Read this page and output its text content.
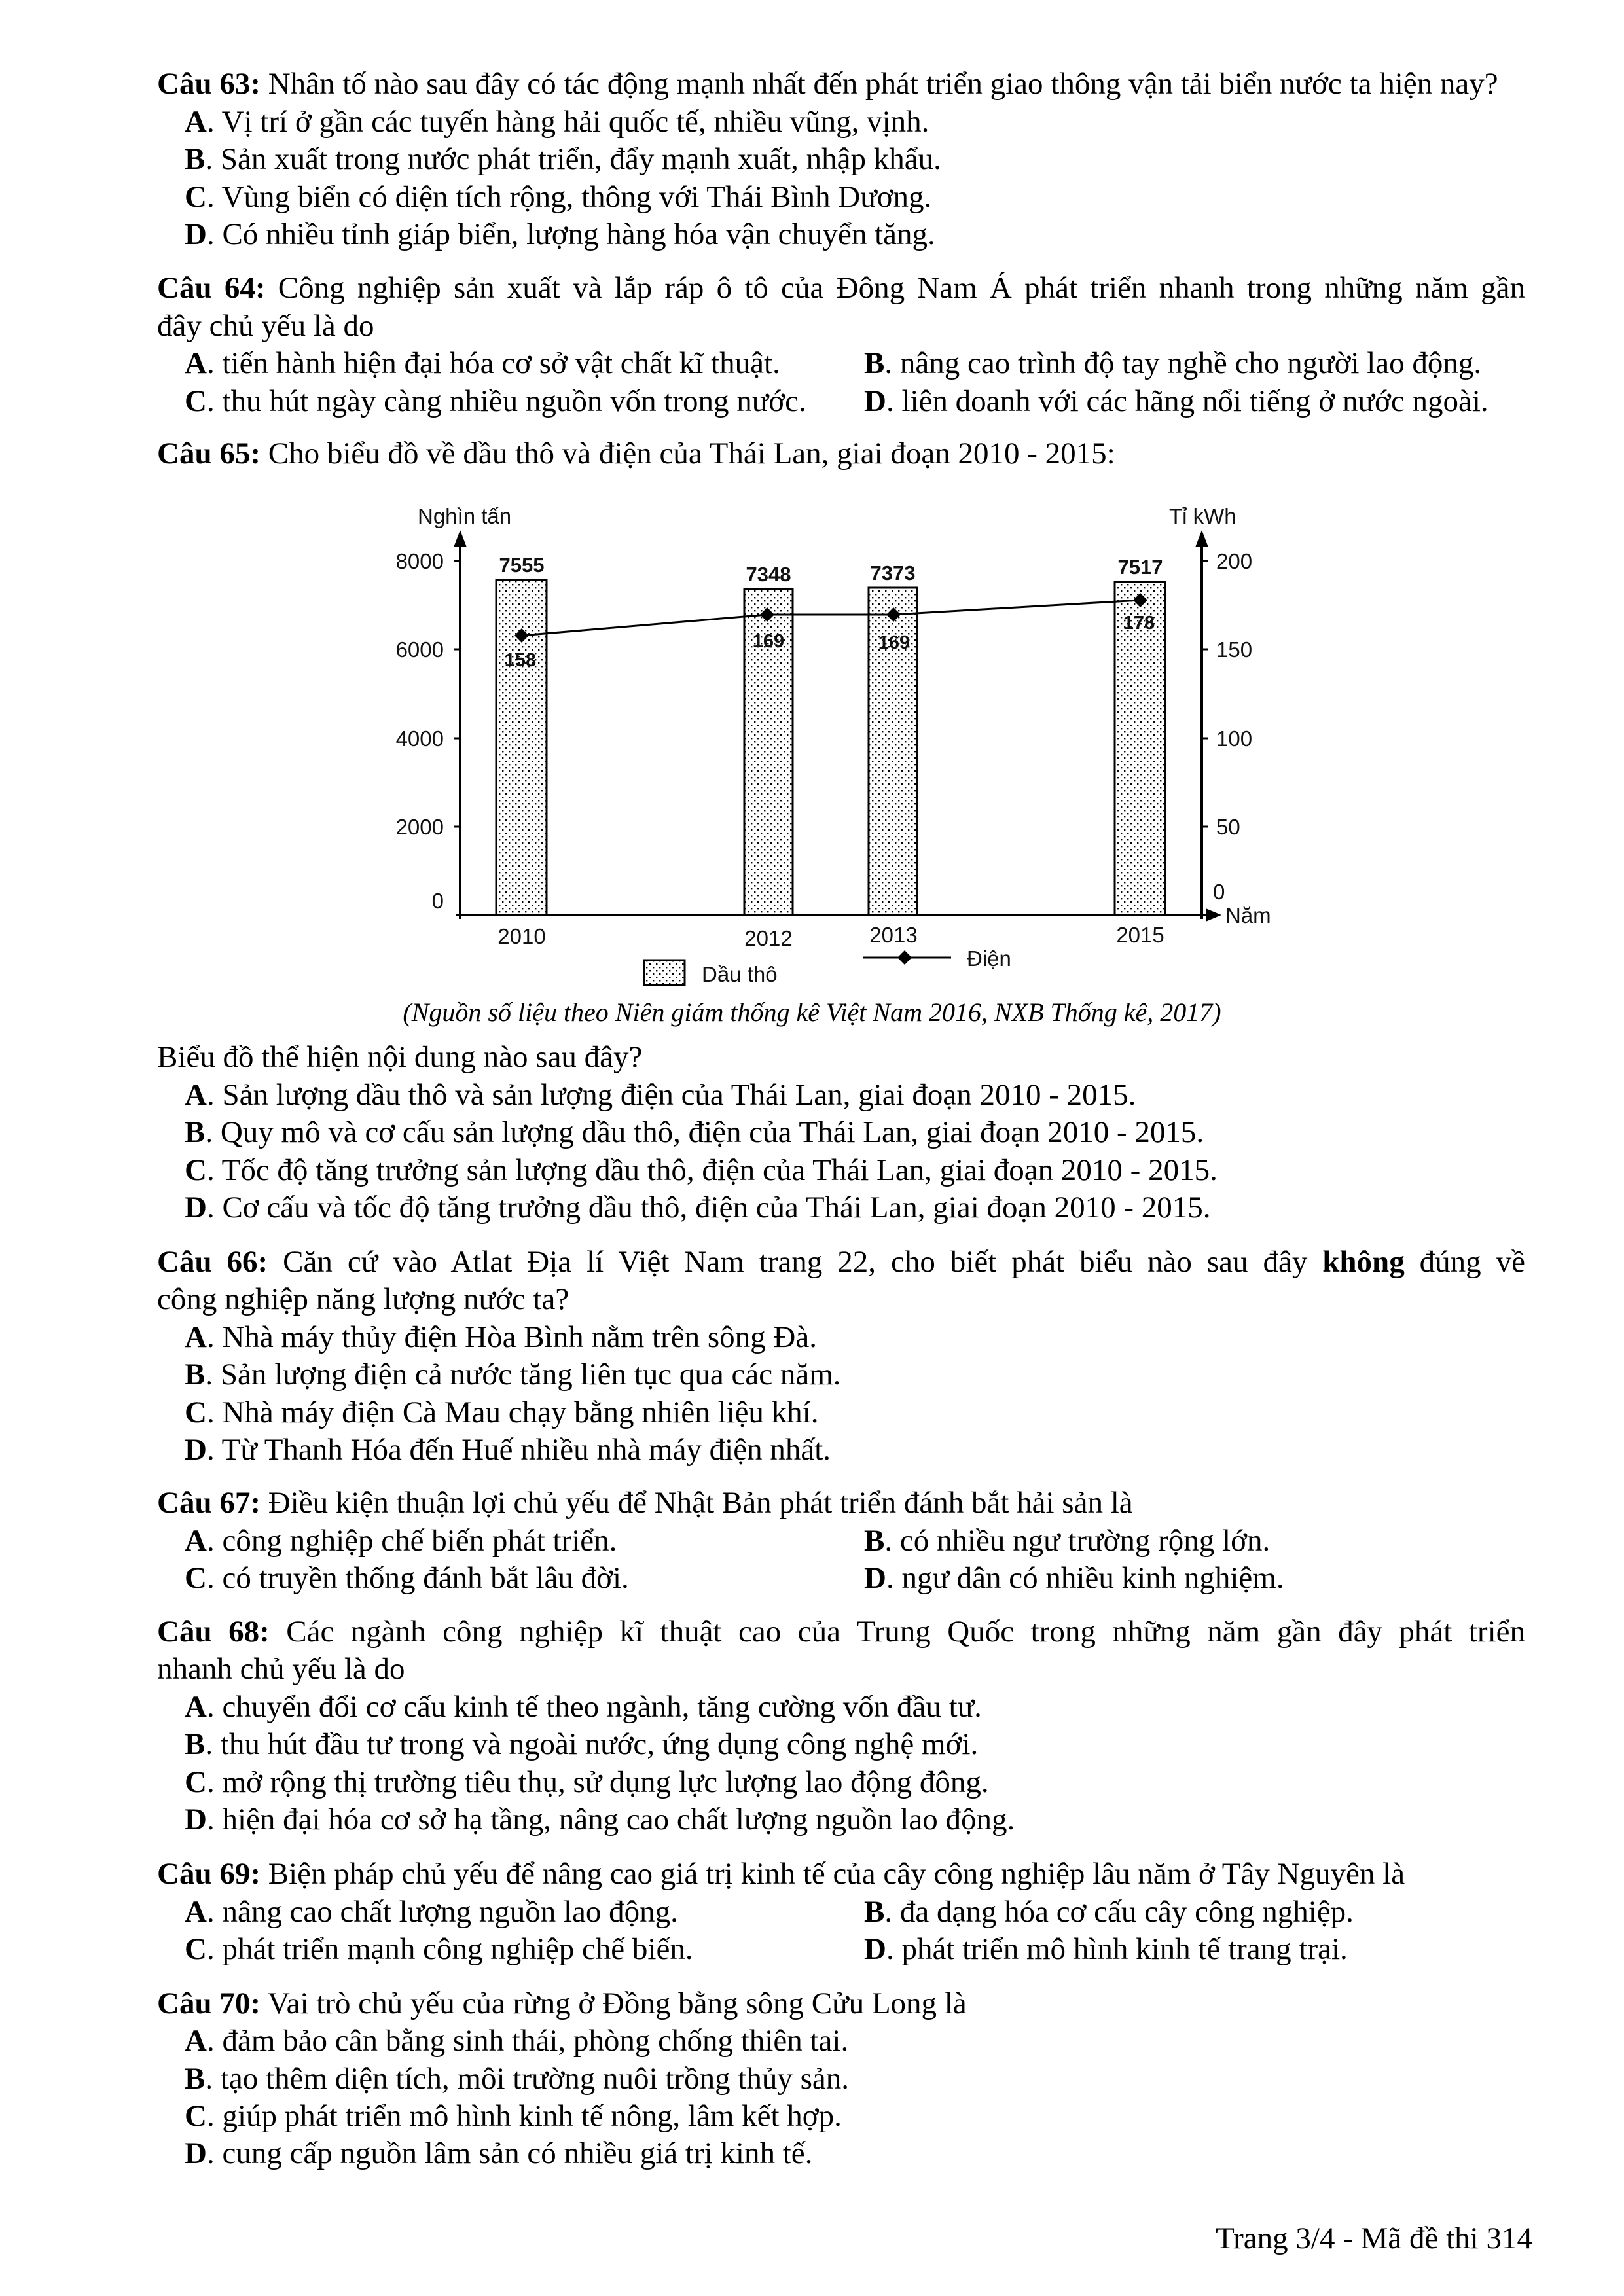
Câu 63: Nhân tố nào sau đây có tác động mạnh nhất đến phát triển giao thông vận tải biển nước ta hiện nay?
A. Vị trí ở gần các tuyến hàng hải quốc tế, nhiều vũng, vịnh.
B. Sản xuất trong nước phát triển, đẩy mạnh xuất, nhập khẩu.
C. Vùng biển có diện tích rộng, thông với Thái Bình Dương.
D. Có nhiều tỉnh giáp biển, lượng hàng hóa vận chuyển tăng.
Câu 64: Công nghiệp sản xuất và lắp ráp ô tô của Đông Nam Á phát triển nhanh trong những năm gần
đây chủ yếu là do
A. tiến hành hiện đại hóa cơ sở vật chất kĩ thuật.	B. nâng cao trình độ tay nghề cho người lao động.
C. thu hút ngày càng nhiều nguồn vốn trong nước. D. liên doanh với các hãng nổi tiếng ở nước ngoài.
Câu 65: Cho biểu đồ về dầu thô và điện của Thái Lan, giai đoạn 2010 - 2015:
Nghìn tấn	Tỉ kWh
Năm
8000
6000
4000
2000
0
200
150
100
50
0
7555	7348	7373	7517
158
169	169
178
2010	2012	2013	2015
Dầu thô
Điện
(Nguồn số liệu theo Niên giám thống kê Việt Nam 2016, NXB Thống kê, 2017)
Biểu đồ thể hiện nội dung nào sau đây?
A. Sản lượng dầu thô và sản lượng điện của Thái Lan, giai đoạn 2010 - 2015.
B. Quy mô và cơ cấu sản lượng dầu thô, điện của Thái Lan, giai đoạn 2010 - 2015.
C. Tốc độ tăng trưởng sản lượng dầu thô, điện của Thái Lan, giai đoạn 2010 - 2015.
D. Cơ cấu và tốc độ tăng trưởng dầu thô, điện của Thái Lan, giai đoạn 2010 - 2015.
Câu 66: Căn cứ vào Atlat Địa lí Việt Nam trang 22, cho biết phát biểu nào sau đây không đúng về
công nghiệp năng lượng nước ta?
A. Nhà máy thủy điện Hòa Bình nằm trên sông Đà.
B. Sản lượng điện cả nước tăng liên tục qua các năm.
C. Nhà máy điện Cà Mau chạy bằng nhiên liệu khí.
D. Từ Thanh Hóa đến Huế nhiều nhà máy điện nhất.
Câu 67: Điều kiện thuận lợi chủ yếu để Nhật Bản phát triển đánh bắt hải sản là
A. công nghiệp chế biến phát triển.	B. có nhiều ngư trường rộng lớn.
C. có truyền thống đánh bắt lâu đời.	D. ngư dân có nhiều kinh nghiệm.
Câu 68: Các ngành công nghiệp kĩ thuật cao của Trung Quốc trong những năm gần đây phát triển
nhanh chủ yếu là do
A. chuyển đổi cơ cấu kinh tế theo ngành, tăng cường vốn đầu tư.
B. thu hút đầu tư trong và ngoài nước, ứng dụng công nghệ mới.
C. mở rộng thị trường tiêu thụ, sử dụng lực lượng lao động đông.
D. hiện đại hóa cơ sở hạ tầng, nâng cao chất lượng nguồn lao động.
Câu 69: Biện pháp chủ yếu để nâng cao giá trị kinh tế của cây công nghiệp lâu năm ở Tây Nguyên là
A. nâng cao chất lượng nguồn lao động.	B. đa dạng hóa cơ cấu cây công nghiệp.
C. phát triển mạnh công nghiệp chế biến.	D. phát triển mô hình kinh tế trang trại.
Câu 70: Vai trò chủ yếu của rừng ở Đồng bằng sông Cửu Long là
A. đảm bảo cân bằng sinh thái, phòng chống thiên tai.
B. tạo thêm diện tích, môi trường nuôi trồng thủy sản.
C. giúp phát triển mô hình kinh tế nông, lâm kết hợp.
D. cung cấp nguồn lâm sản có nhiều giá trị kinh tế.
Trang 3/4 - Mã đề thi 314
